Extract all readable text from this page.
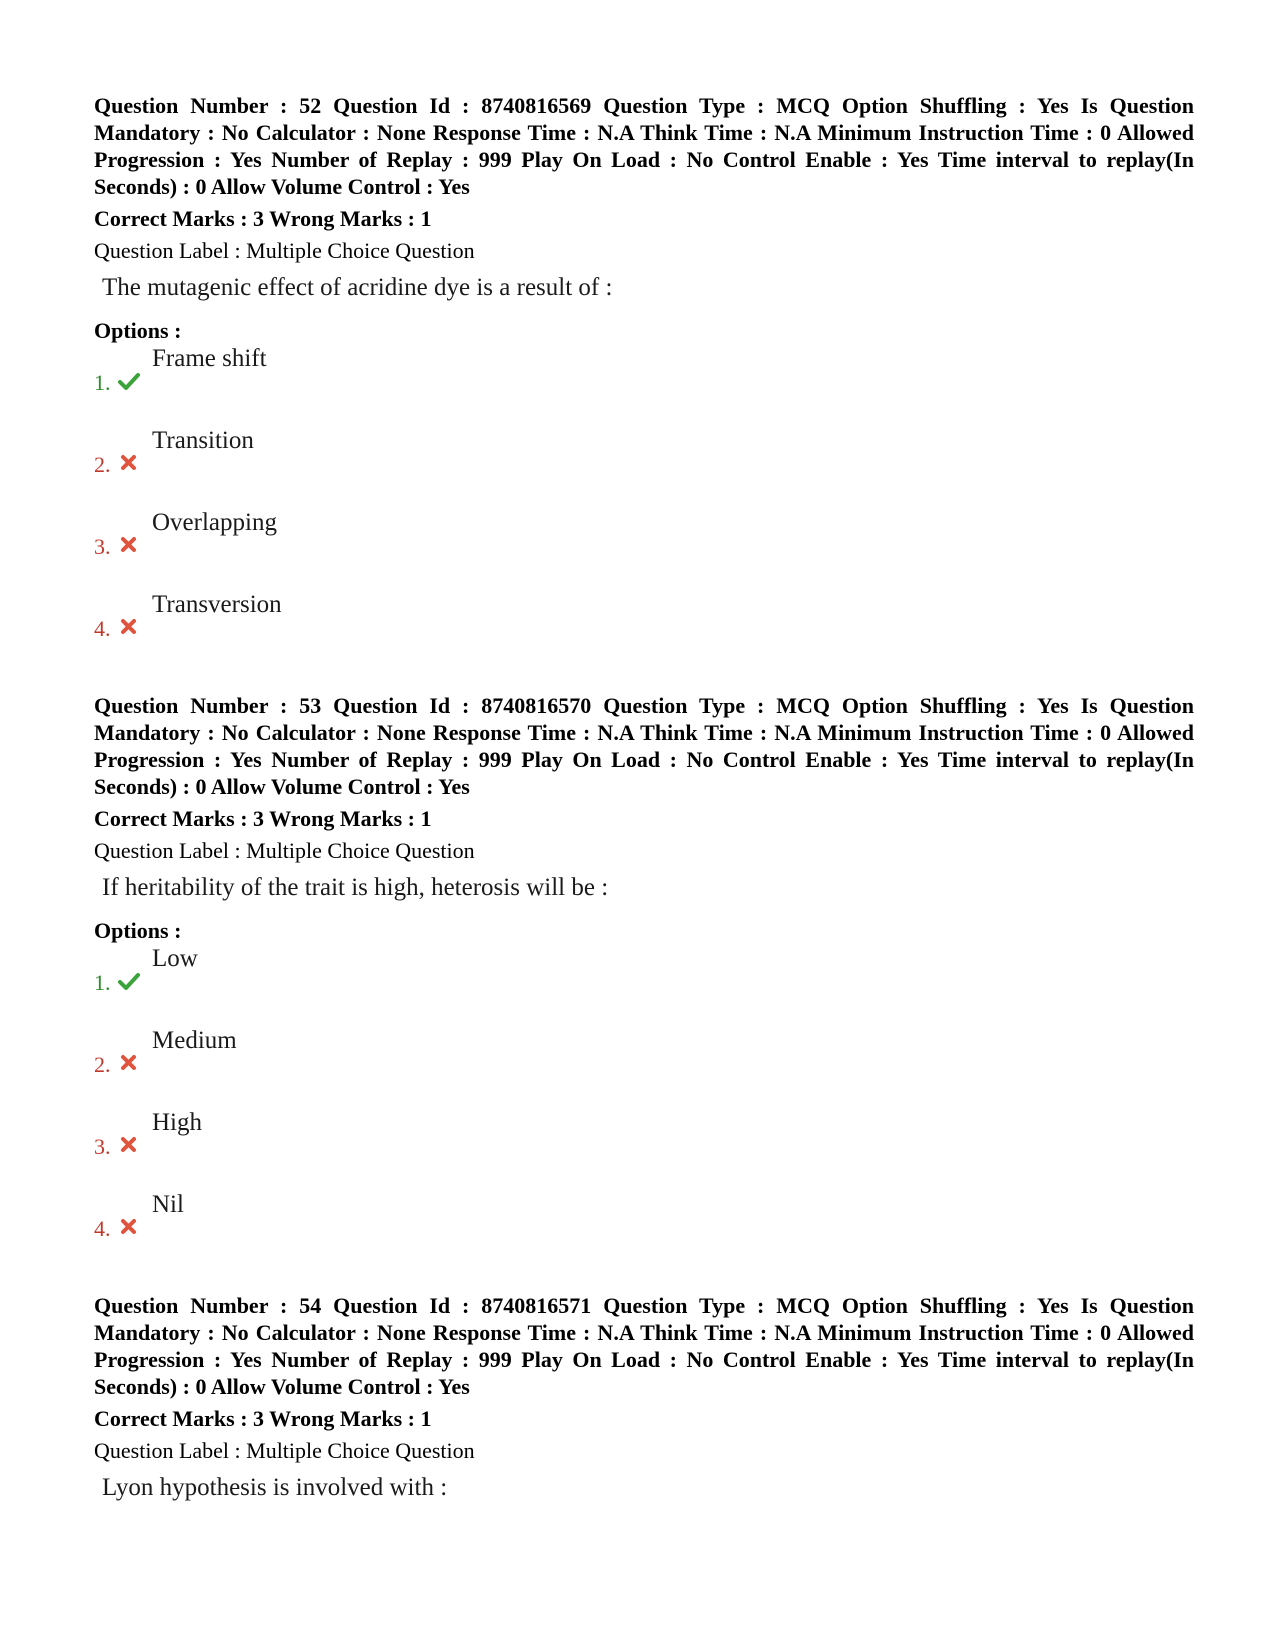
Question Number : 52 Question Id : 8740816569 Question Type : MCQ Option Shuffling : Yes Is Question Mandatory : No Calculator : None Response Time : N.A Think Time : N.A Minimum Instruction Time : 0 Allowed Progression : Yes Number of Replay : 999 Play On Load : No Control Enable : Yes Time interval to replay(In Seconds) : 0 Allow Volume Control : Yes

Correct Marks : 3 Wrong Marks : 1
Question Label : Multiple Choice Question
The mutagenic effect of acridine dye is a result of :
Options :
1.
Frame shift
2.
Transition
3.
Overlapping
4.
Transversion

Question Number : 53 Question Id : 8740816570 Question Type : MCQ Option Shuffling : Yes Is Question Mandatory : No Calculator : None Response Time : N.A Think Time : N.A Minimum Instruction Time : 0 Allowed Progression : Yes Number of Replay : 999 Play On Load : No Control Enable : Yes Time interval to replay(In Seconds) : 0 Allow Volume Control : Yes

Correct Marks : 3 Wrong Marks : 1
Question Label : Multiple Choice Question
If heritability of the trait is high, heterosis will be :
Options :
1.
Low
2.
Medium
3.
High
4.
Nil

Question Number : 54 Question Id : 8740816571 Question Type : MCQ Option Shuffling : Yes Is Question Mandatory : No Calculator : None Response Time : N.A Think Time : N.A Minimum Instruction Time : 0 Allowed Progression : Yes Number of Replay : 999 Play On Load : No Control Enable : Yes Time interval to replay(In Seconds) : 0 Allow Volume Control : Yes

Correct Marks : 3 Wrong Marks : 1
Question Label : Multiple Choice Question
Lyon hypothesis is involved with :
